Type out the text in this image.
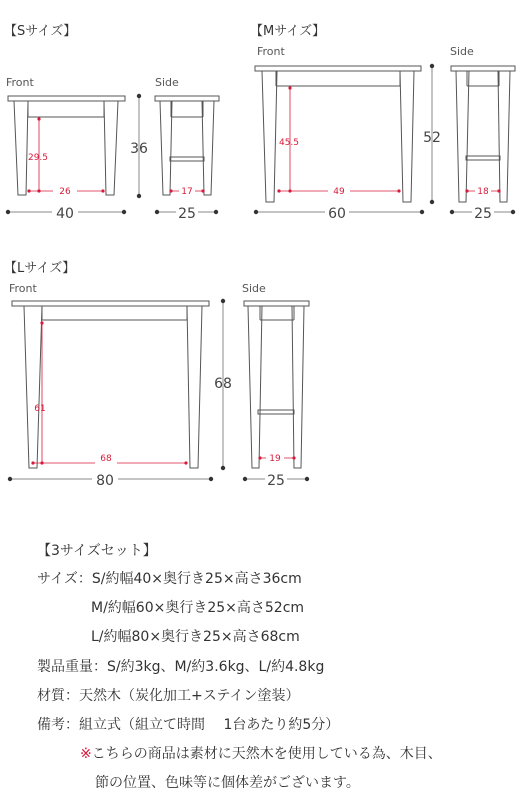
【Sサイズ】
Front	Side
40
36
25	60
52
25
80
68
25
29.5
26	17
45.5
49	18
61
68	19
【Mサイズ】
Front	Side
【Lサイズ】
Front	Side
【3サイズセット】
サイズ：S/約幅40×奥行き25×高さ36cm
M/約幅60×奥行き25×高さ52cm
L/約幅80×奥行き25×高さ68cm
製品重量：S/約3kg、M/約3.6kg、L/約4.8kg
材質：天然木（炭化加工+ステイン塗装）
備考：組立式（組立て時間　 1台あたり約5分）
※こちらの商品は素材に天然木を使用している為、木目、
節の位置、色味等に個体差がございます。
